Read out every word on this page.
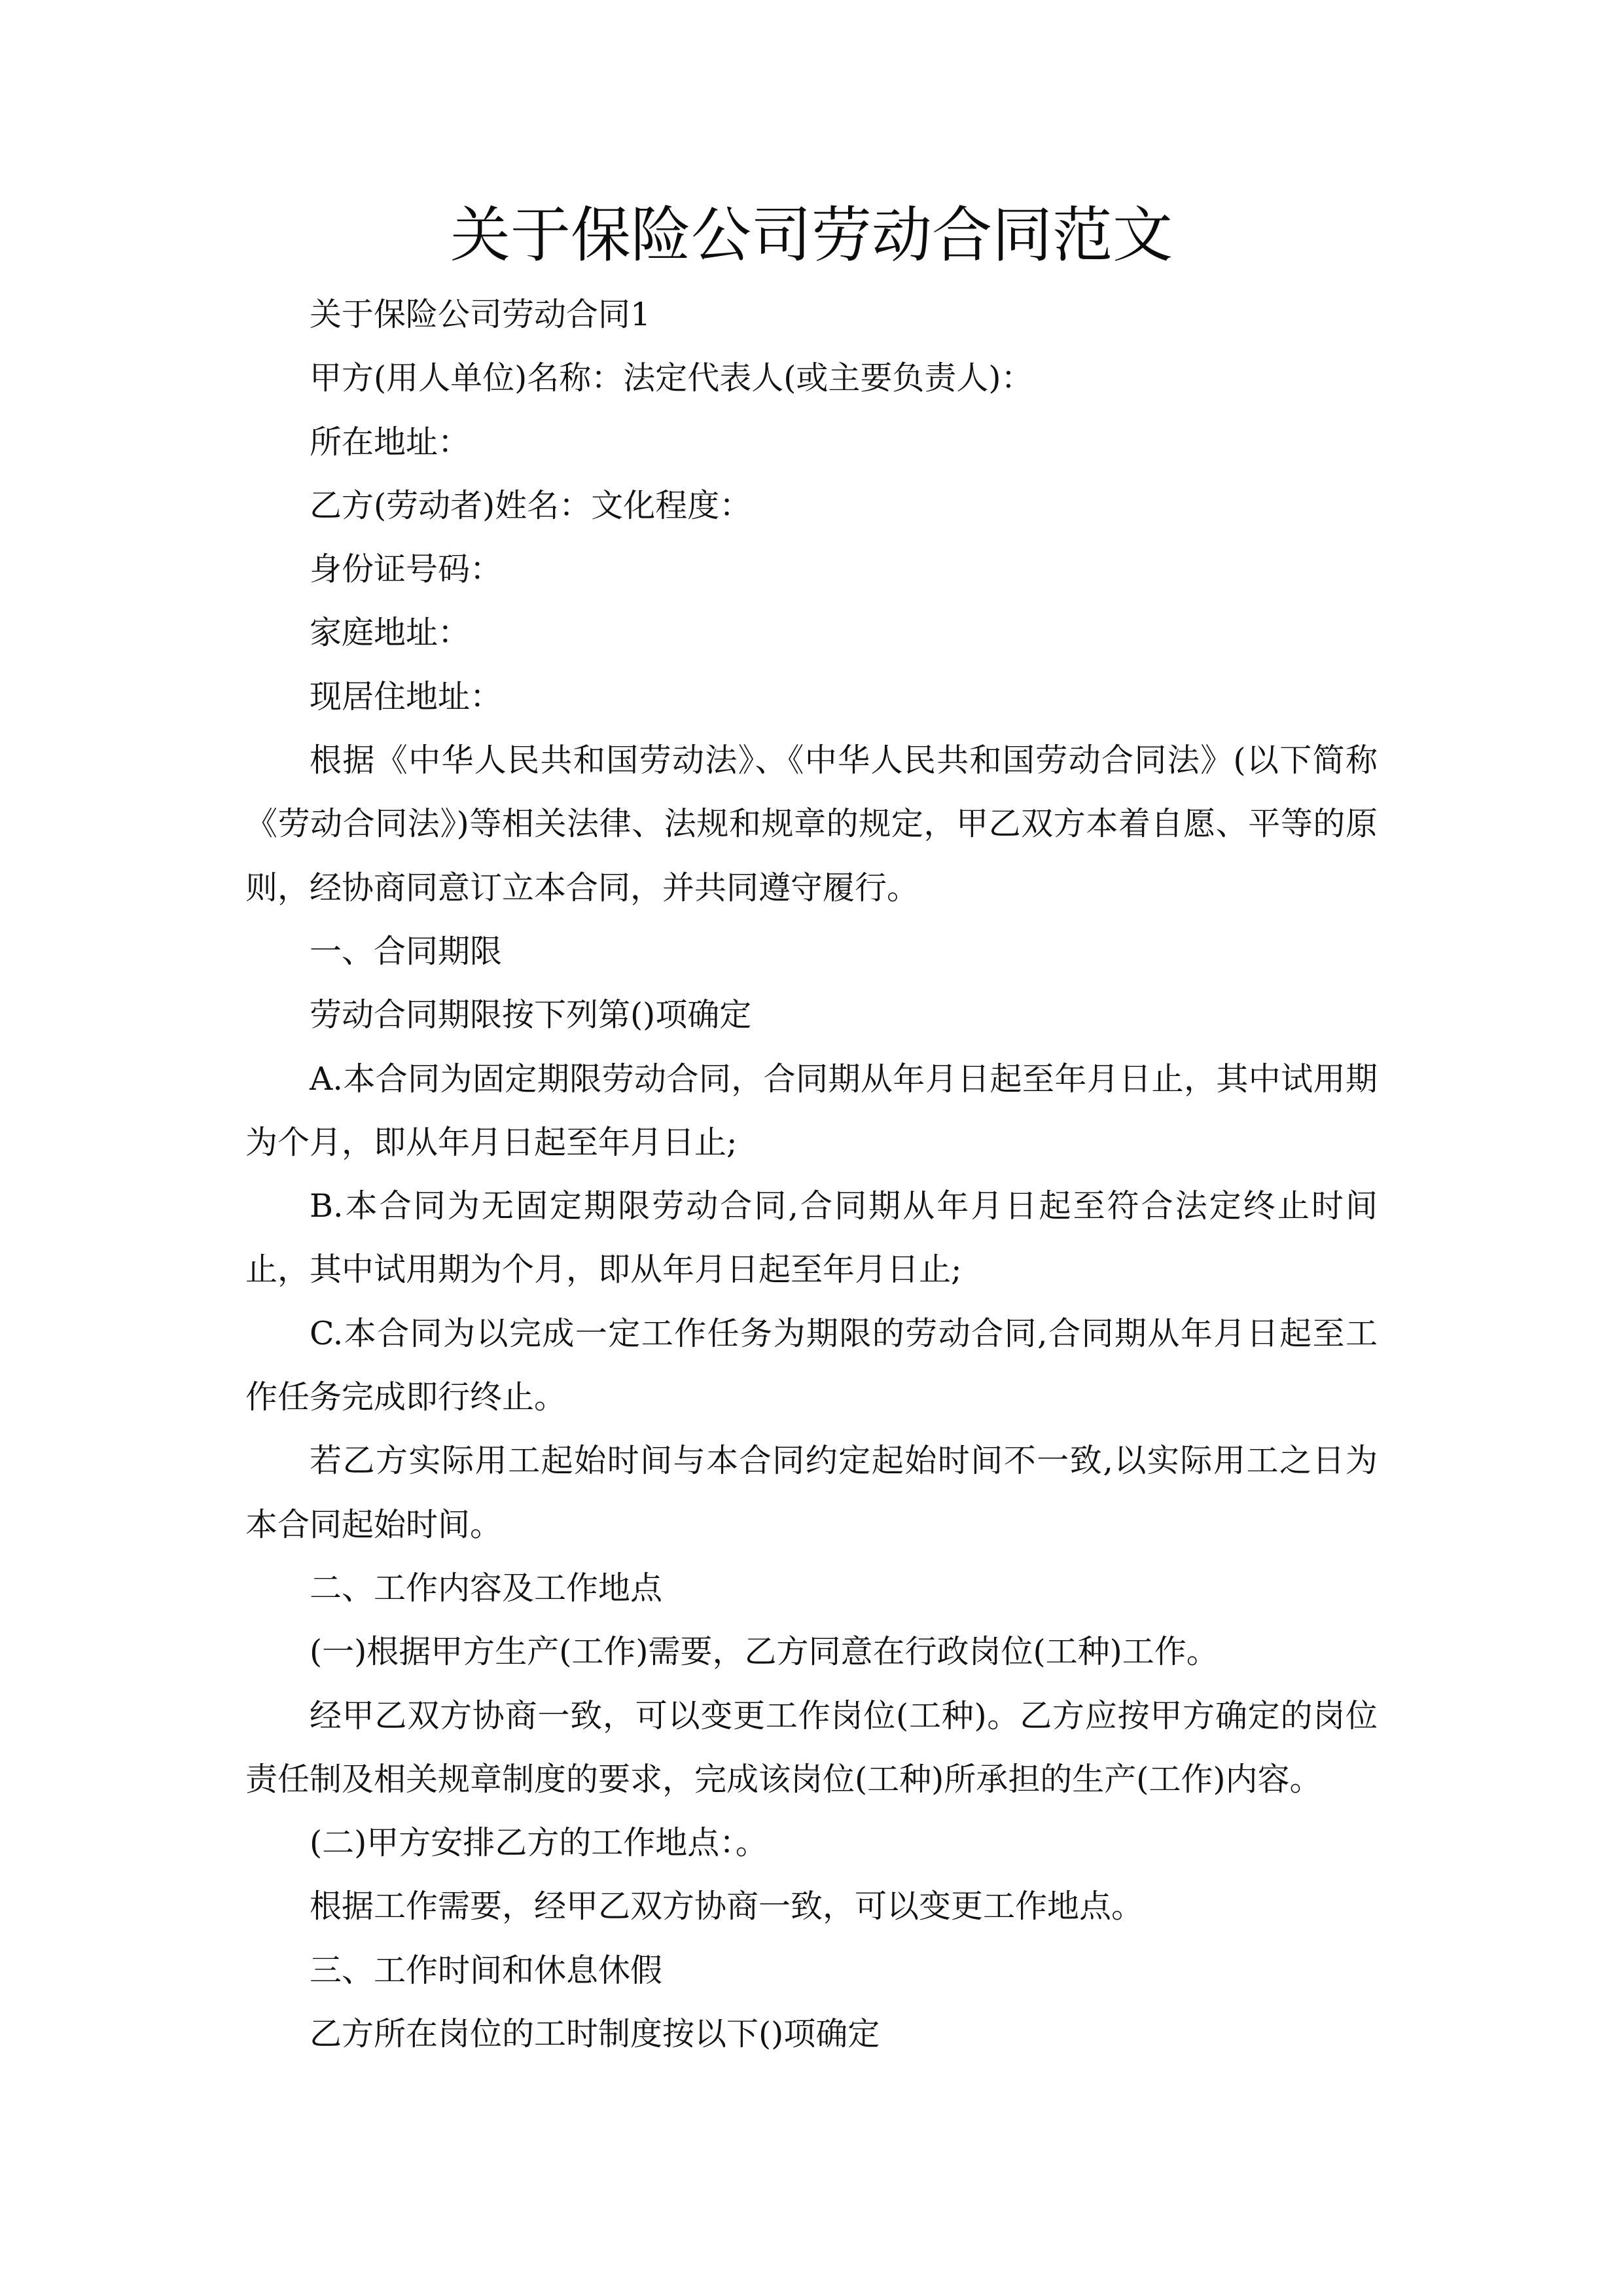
关于保险公司劳动合同范文

关于保险公司劳动合同1

甲方(用人单位)名称：法定代表人(或主要负责人)：

所在地址：

乙方(劳动者)姓名：文化程度：

身份证号码：

家庭地址：

现居住地址：

根据《中华人民共和国劳动法》、《中华人民共和国劳动合同法》(以下简称《劳动合同法》)等相关法律、法规和规章的规定，甲乙双方本着自愿、平等的原则，经协商同意订立本合同，并共同遵守履行。

一、合同期限

劳动合同期限按下列第()项确定

A.本合同为固定期限劳动合同，合同期从年月日起至年月日止，其中试用期为个月，即从年月日起至年月日止;

B.本合同为无固定期限劳动合同,合同期从年月日起至符合法定终止时间止，其中试用期为个月，即从年月日起至年月日止;

C.本合同为以完成一定工作任务为期限的劳动合同,合同期从年月日起至工作任务完成即行终止。

若乙方实际用工起始时间与本合同约定起始时间不一致,以实际用工之日为本合同起始时间。

二、工作内容及工作地点

(一)根据甲方生产(工作)需要，乙方同意在行政岗位(工种)工作。

经甲乙双方协商一致，可以变更工作岗位(工种)。乙方应按甲方确定的岗位责任制及相关规章制度的要求，完成该岗位(工种)所承担的生产(工作)内容。

(二)甲方安排乙方的工作地点：。

根据工作需要，经甲乙双方协商一致，可以变更工作地点。

三、工作时间和休息休假

乙方所在岗位的工时制度按以下()项确定
